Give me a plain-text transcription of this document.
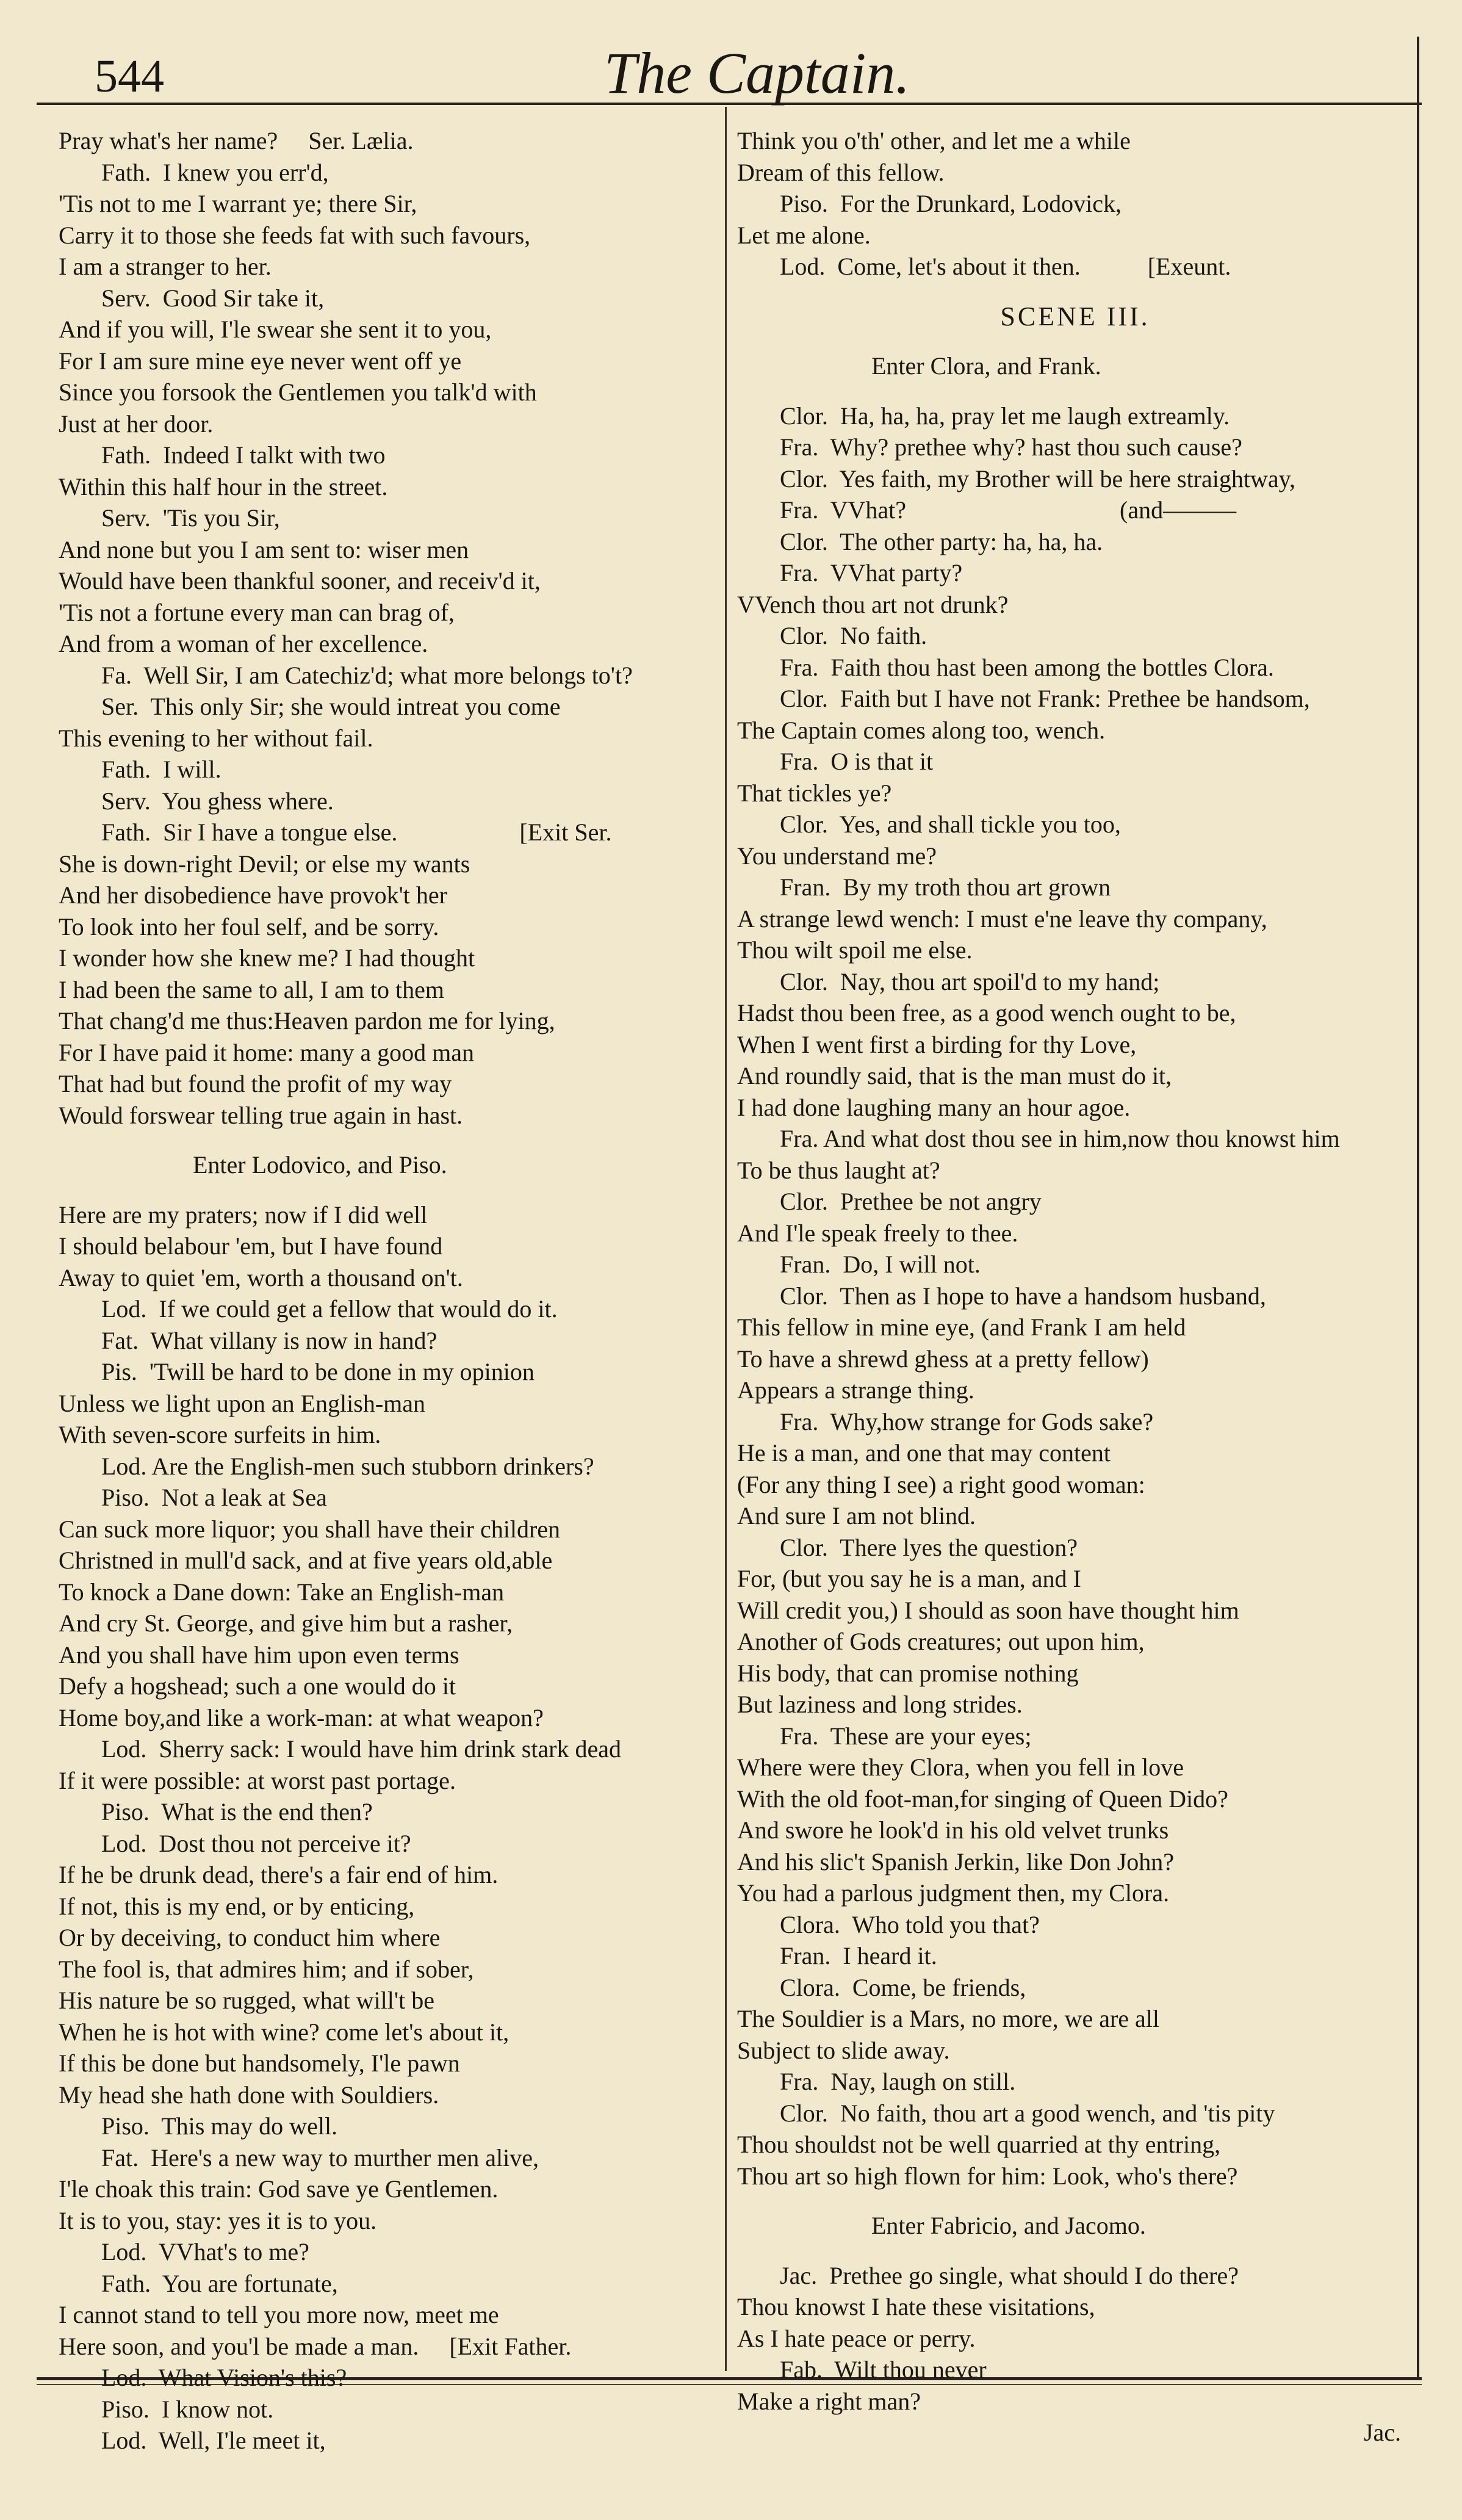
544	The Captain.
Pray what's her name?     Ser. Lælia.
Fath.  I knew you err'd,
'Tis not to me I warrant ye; there Sir,
Carry it to those she feeds fat with such favours,
I am a stranger to her.
Serv.  Good Sir take it,
And if you will, I'le swear she sent it to you,
For I am sure mine eye never went off ye
Since you forsook the Gentlemen you talk'd with
Just at her door.
Fath.  Indeed I talkt with two
Within this half hour in the street.
Serv.  'Tis you Sir,
And none but you I am sent to: wiser men
Would have been thankful sooner, and receiv'd it,
'Tis not a fortune every man can brag of,
And from a woman of her excellence.
Fa.  Well Sir, I am Catechiz'd; what more belongs to't?
Ser.  This only Sir; she would intreat you come
This evening to her without fail.
Fath.  I will.
Serv.  You ghess where.
Fath.  Sir I have a tongue else.                    [Exit Ser.
She is down-right Devil; or else my wants
And her disobedience have provok't her
To look into her foul self, and be sorry.
I wonder how she knew me? I had thought
I had been the same to all, I am to them
That chang'd me thus:Heaven pardon me for lying,
For I have paid it home: many a good man
That had but found the profit of my way
Would forswear telling true again in hast.
Enter Lodovico, and Piso.
Here are my praters; now if I did well
I should belabour 'em, but I have found
Away to quiet 'em, worth a thousand on't.
Lod.  If we could get a fellow that would do it.
Fat.  What villany is now in hand?
Pis.  'Twill be hard to be done in my opinion
Unless we light upon an English-man
With seven-score surfeits in him.
Lod. Are the English-men such stubborn drinkers?
Piso.  Not a leak at Sea
Can suck more liquor; you shall have their children
Christned in mull'd sack, and at five years old,able
To knock a Dane down: Take an English-man
And cry St. George, and give him but a rasher,
And you shall have him upon even terms
Defy a hogshead; such a one would do it
Home boy,and like a work-man: at what weapon?
Lod.  Sherry sack: I would have him drink stark dead
If it were possible: at worst past portage.
Piso.  What is the end then?
Lod.  Dost thou not perceive it?
If he be drunk dead, there's a fair end of him.
If not, this is my end, or by enticing,
Or by deceiving, to conduct him where
The fool is, that admires him; and if sober,
His nature be so rugged, what will't be
When he is hot with wine? come let's about it,
If this be done but handsomely, I'le pawn
My head she hath done with Souldiers.
Piso.  This may do well.
Fat.  Here's a new way to murther men alive,
I'le choak this train: God save ye Gentlemen.
It is to you, stay: yes it is to you.
Lod.  VVhat's to me?
Fath.  You are fortunate,
I cannot stand to tell you more now, meet me
Here soon, and you'l be made a man.     [Exit Father.
Lod.  What Vision's this?
Piso.  I know not.
Lod.  Well, I'le meet it,
Think you o'th' other, and let me a while
Dream of this fellow.
Piso.  For the Drunkard, Lodovick,
Let me alone.
Lod.  Come, let's about it then.           [Exeunt.
SCENE III.
Enter Clora, and Frank.
Clor.  Ha, ha, ha, pray let me laugh extreamly.
Fra.  Why? prethee why? hast thou such cause?
Clor.  Yes faith, my Brother will be here straightway,
Fra.  VVhat?                                   (and———
Clor.  The other party: ha, ha, ha.
Fra.  VVhat party?
VVench thou art not drunk?
Clor.  No faith.
Fra.  Faith thou hast been among the bottles Clora.
Clor.  Faith but I have not Frank: Prethee be handsom,
The Captain comes along too, wench.
Fra.  O is that it
That tickles ye?
Clor.  Yes, and shall tickle you too,
You understand me?
Fran.  By my troth thou art grown
A strange lewd wench: I must e'ne leave thy company,
Thou wilt spoil me else.
Clor.  Nay, thou art spoil'd to my hand;
Hadst thou been free, as a good wench ought to be,
When I went first a birding for thy Love,
And roundly said, that is the man must do it,
I had done laughing many an hour agoe.
Fra. And what dost thou see in him,now thou knowst him
To be thus laught at?
Clor.  Prethee be not angry
And I'le speak freely to thee.
Fran.  Do, I will not.
Clor.  Then as I hope to have a handsom husband,
This fellow in mine eye, (and Frank I am held
To have a shrewd ghess at a pretty fellow)
Appears a strange thing.
Fra.  Why,how strange for Gods sake?
He is a man, and one that may content
(For any thing I see) a right good woman:
And sure I am not blind.
Clor.  There lyes the question?
For, (but you say he is a man, and I
Will credit you,) I should as soon have thought him
Another of Gods creatures; out upon him,
His body, that can promise nothing
But laziness and long strides.
Fra.  These are your eyes;
Where were they Clora, when you fell in love
With the old foot-man,for singing of Queen Dido?
And swore he look'd in his old velvet trunks
And his slic't Spanish Jerkin, like Don John?
You had a parlous judgment then, my Clora.
Clora.  Who told you that?
Fran.  I heard it.
Clora.  Come, be friends,
The Souldier is a Mars, no more, we are all
Subject to slide away.
Fra.  Nay, laugh on still.
Clor.  No faith, thou art a good wench, and 'tis pity
Thou shouldst not be well quarried at thy entring,
Thou art so high flown for him: Look, who's there?
Enter Fabricio, and Jacomo.
Jac.  Prethee go single, what should I do there?
Thou knowst I hate these visitations,
As I hate peace or perry.
Fab.  Wilt thou never
Make a right man?
Jac.
